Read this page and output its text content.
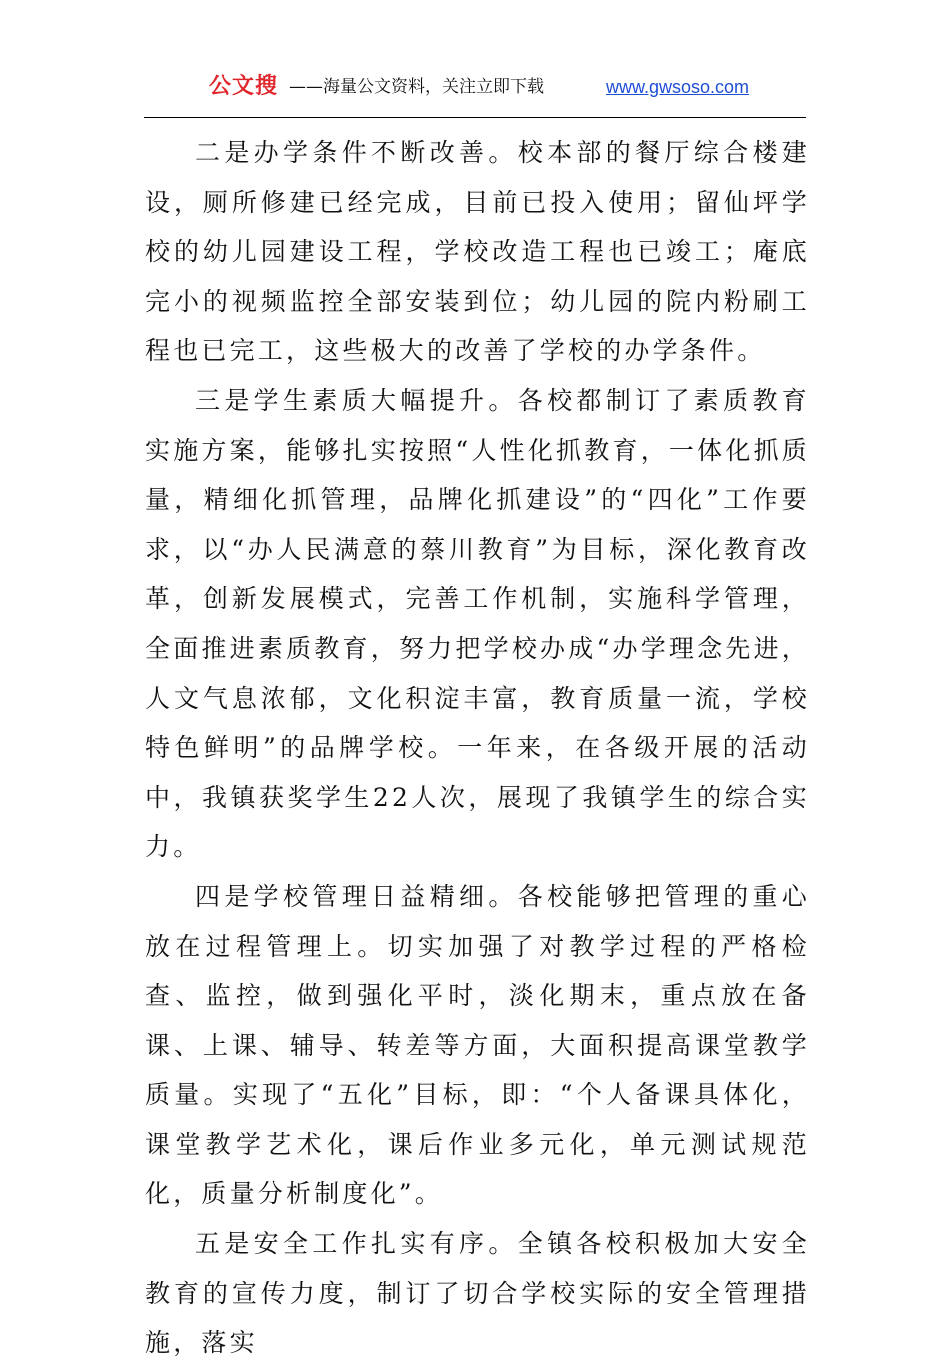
公文搜 ——海量公文资料，关注立即下载	www.gwsoso.com

二是办学条件不断改善。校本部的餐厅综合楼建设，厕所修建已经完成，目前已投入使用；留仙坪学校的幼儿园建设工程，学校改造工程也已竣工；庵底完小的视频监控全部安装到位；幼儿园的院内粉刷工程也已完工，这些极大的改善了学校的办学条件。

三是学生素质大幅提升。各校都制订了素质教育实施方案，能够扎实按照“人性化抓教育，一体化抓质量，精细化抓管理，品牌化抓建设”的“四化”工作要求，以“办人民满意的蔡川教育”为目标，深化教育改革，创新发展模式，完善工作机制，实施科学管理，全面推进素质教育，努力把学校办成“办学理念先进，人文气息浓郁，文化积淀丰富，教育质量一流，学校特色鲜明”的品牌学校。一年来，在各级开展的活动中，我镇获奖学生22人次，展现了我镇学生的综合实力。

四是学校管理日益精细。各校能够把管理的重心放在过程管理上。切实加强了对教学过程的严格检查、监控，做到强化平时，淡化期末，重点放在备课、上课、辅导、转差等方面，大面积提高课堂教学质量。实现了“五化”目标，即：“个人备课具体化，课堂教学艺术化，课后作业多元化，单元测试规范化，质量分析制度化”。

五是安全工作扎实有序。全镇各校积极加大安全教育的宣传力度，制订了切合学校实际的安全管理措施，落实
